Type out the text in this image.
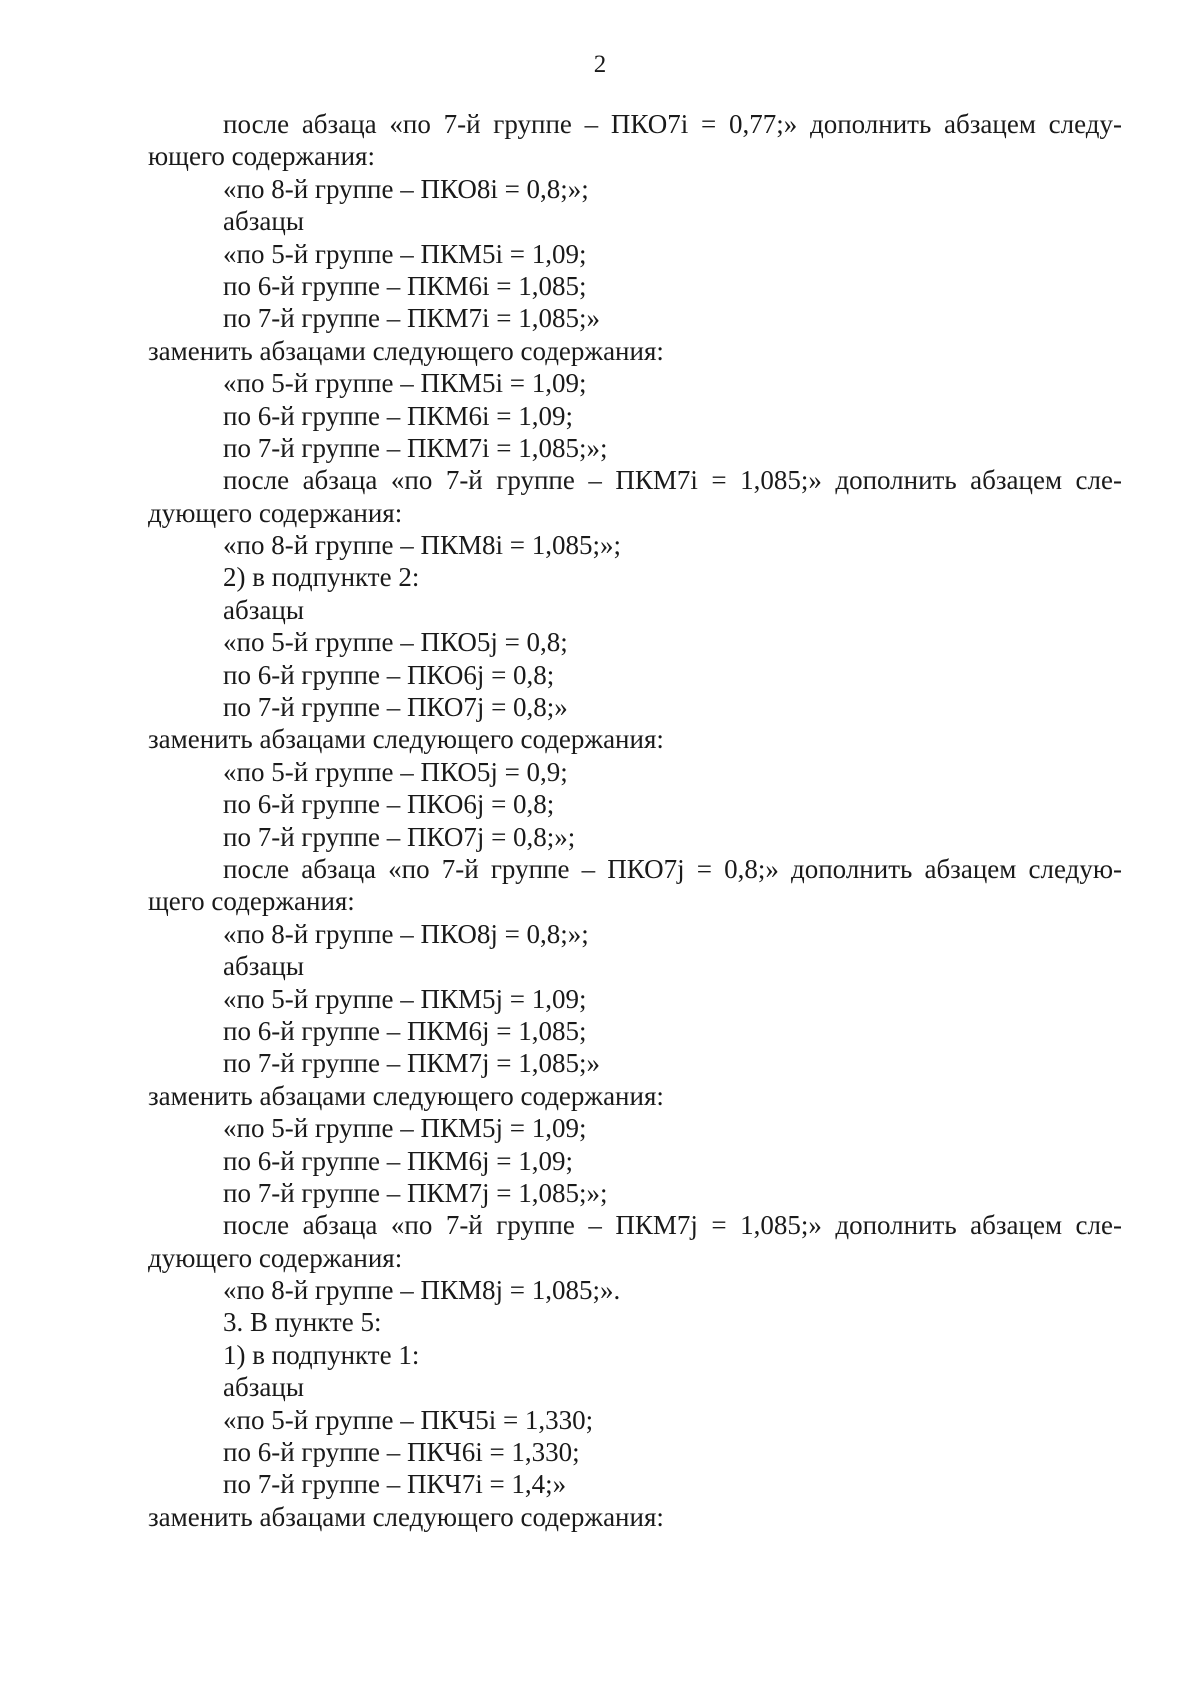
2
после абзаца «по 7-й группе – ПКО7i = 0,77;» дополнить абзацем следу-
ющего содержания:
«по 8-й группе – ПКО8i = 0,8;»;
абзацы
«по 5-й группе – ПКМ5i = 1,09;
по 6-й группе – ПКМ6i = 1,085;
по 7-й группе – ПКМ7i = 1,085;»
заменить абзацами следующего содержания:
«по 5-й группе – ПКМ5i = 1,09;
по 6-й группе – ПКМ6i = 1,09;
по 7-й группе – ПКМ7i = 1,085;»;
после абзаца «по 7-й группе – ПКМ7i = 1,085;» дополнить абзацем сле-
дующего содержания:
«по 8-й группе – ПКМ8i = 1,085;»;
2) в подпункте 2:
абзацы
«по 5-й группе – ПКО5j = 0,8;
по 6-й группе – ПКО6j = 0,8;
по 7-й группе – ПКО7j = 0,8;»
заменить абзацами следующего содержания:
«по 5-й группе – ПКО5j = 0,9;
по 6-й группе – ПКО6j = 0,8;
по 7-й группе – ПКО7j = 0,8;»;
после абзаца «по 7-й группе – ПКО7j = 0,8;» дополнить абзацем следую-
щего содержания:
«по 8-й группе – ПКО8j = 0,8;»;
абзацы
«по 5-й группе – ПКМ5j = 1,09;
по 6-й группе – ПКМ6j = 1,085;
по 7-й группе – ПКМ7j = 1,085;»
заменить абзацами следующего содержания:
«по 5-й группе – ПКМ5j = 1,09;
по 6-й группе – ПКМ6j = 1,09;
по 7-й группе – ПКМ7j = 1,085;»;
после абзаца «по 7-й группе – ПКМ7j = 1,085;» дополнить абзацем сле-
дующего содержания:
«по 8-й группе – ПКМ8j = 1,085;».
3. В пункте 5:
1) в подпункте 1:
абзацы
«по 5-й группе – ПКЧ5i = 1,330;
по 6-й группе – ПКЧ6i = 1,330;
по 7-й группе – ПКЧ7i = 1,4;»
заменить абзацами следующего содержания:
